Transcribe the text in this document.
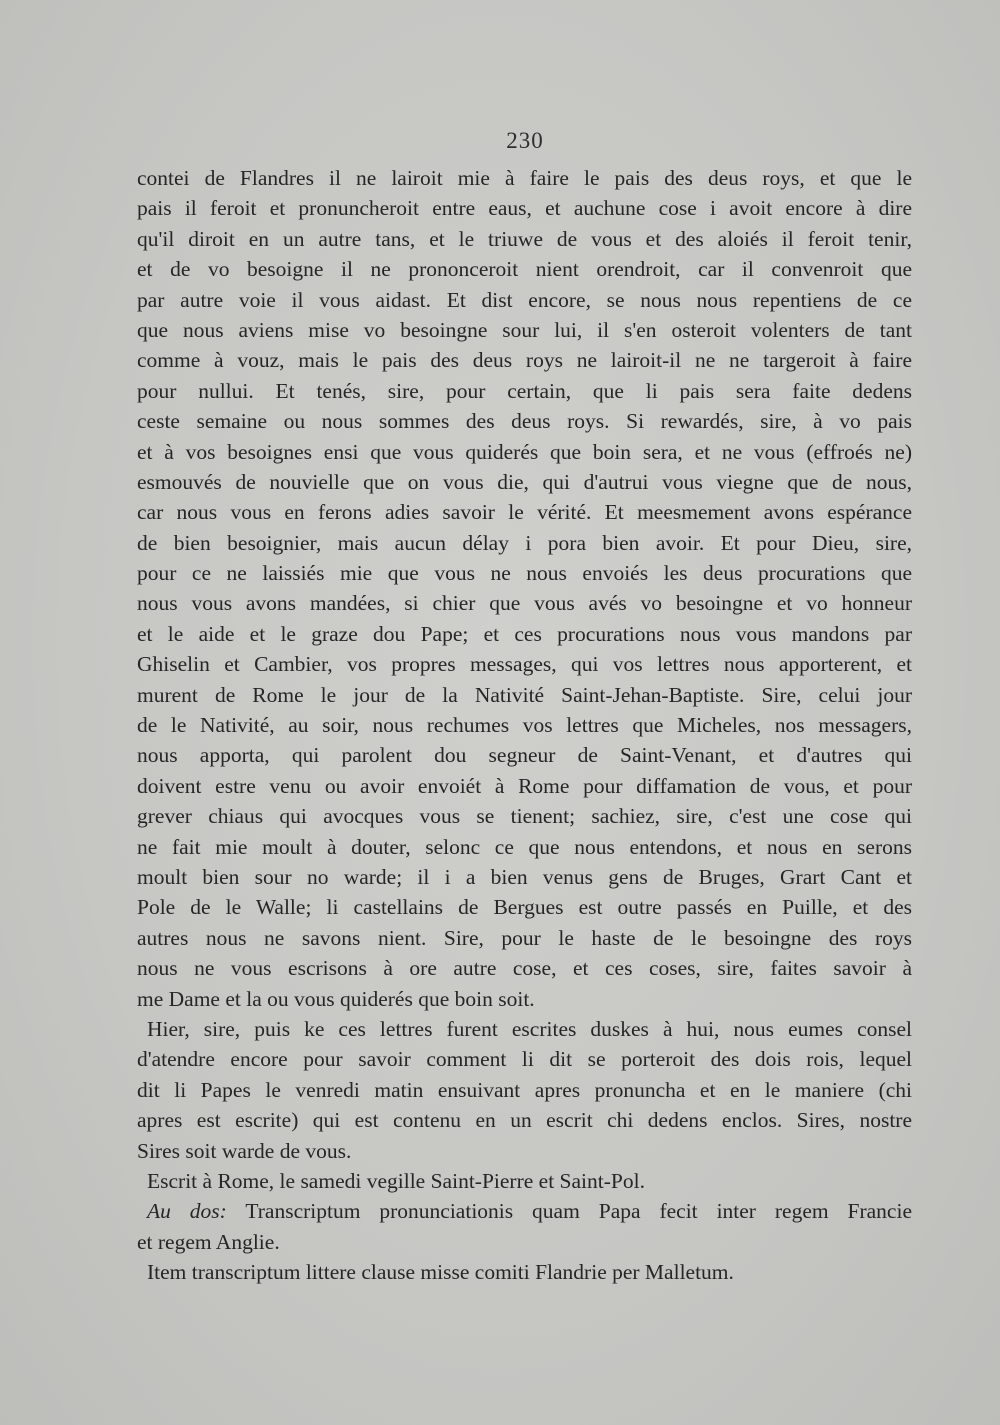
230
contei de Flandres il ne lairoit mie à faire le pais des deus roys, et que le
pais il feroit et pronuncheroit entre eaus, et auchune cose i avoit encore à dire
qu'il diroit en un autre tans, et le triuwe de vous et des aloiés il feroit tenir,
et de vo besoigne il ne prononceroit nient orendroit, car il convenroit que
par autre voie il vous aidast. Et dist encore, se nous nous repentiens de ce
que nous aviens mise vo besoingne sour lui, il s'en osteroit volenters de tant
comme à vouz, mais le pais des deus roys ne lairoit-il ne ne targeroit à faire
pour nullui. Et tenés, sire, pour certain, que li pais sera faite dedens
ceste semaine ou nous sommes des deus roys. Si rewardés, sire, à vo pais
et à vos besoignes ensi que vous quiderés que boin sera, et ne vous (effroés ne)
esmouvés de nouvielle que on vous die, qui d'autrui vous viegne que de nous,
car nous vous en ferons adies savoir le vérité. Et meesmement avons espérance
de bien besoignier, mais aucun délay i pora bien avoir. Et pour Dieu, sire,
pour ce ne laissiés mie que vous ne nous envoiés les deus procurations que
nous vous avons mandées, si chier que vous avés vo besoingne et vo honneur
et le aide et le graze dou Pape; et ces procurations nous vous mandons par
Ghiselin et Cambier, vos propres messages, qui vos lettres nous apporterent, et
murent de Rome le jour de la Nativité Saint-Jehan-Baptiste. Sire, celui jour
de le Nativité, au soir, nous rechumes vos lettres que Micheles, nos messagers,
nous apporta, qui parolent dou segneur de Saint-Venant, et d'autres qui
doivent estre venu ou avoir envoiét à Rome pour diffamation de vous, et pour
grever chiaus qui avocques vous se tienent; sachiez, sire, c'est une cose qui
ne fait mie moult à douter, selonc ce que nous entendons, et nous en serons
moult bien sour no warde; il i a bien venus gens de Bruges, Grart Cant et
Pole de le Walle; li castellains de Bergues est outre passés en Puille, et des
autres nous ne savons nient. Sire, pour le haste de le besoingne des roys
nous ne vous escrisons à ore autre cose, et ces coses, sire, faites savoir à
me Dame et la ou vous quiderés que boin soit.
Hier, sire, puis ke ces lettres furent escrites duskes à hui, nous eumes consel
d'atendre encore pour savoir comment li dit se porteroit des dois rois, lequel
dit li Papes le venredi matin ensuivant apres pronuncha et en le maniere (chi
apres est escrite) qui est contenu en un escrit chi dedens enclos. Sires, nostre
Sires soit warde de vous.
Escrit à Rome, le samedi vegille Saint-Pierre et Saint-Pol.
Au dos: Transcriptum pronunciationis quam Papa fecit inter regem Francie
et regem Anglie.
Item transcriptum littere clause misse comiti Flandrie per Malletum.
